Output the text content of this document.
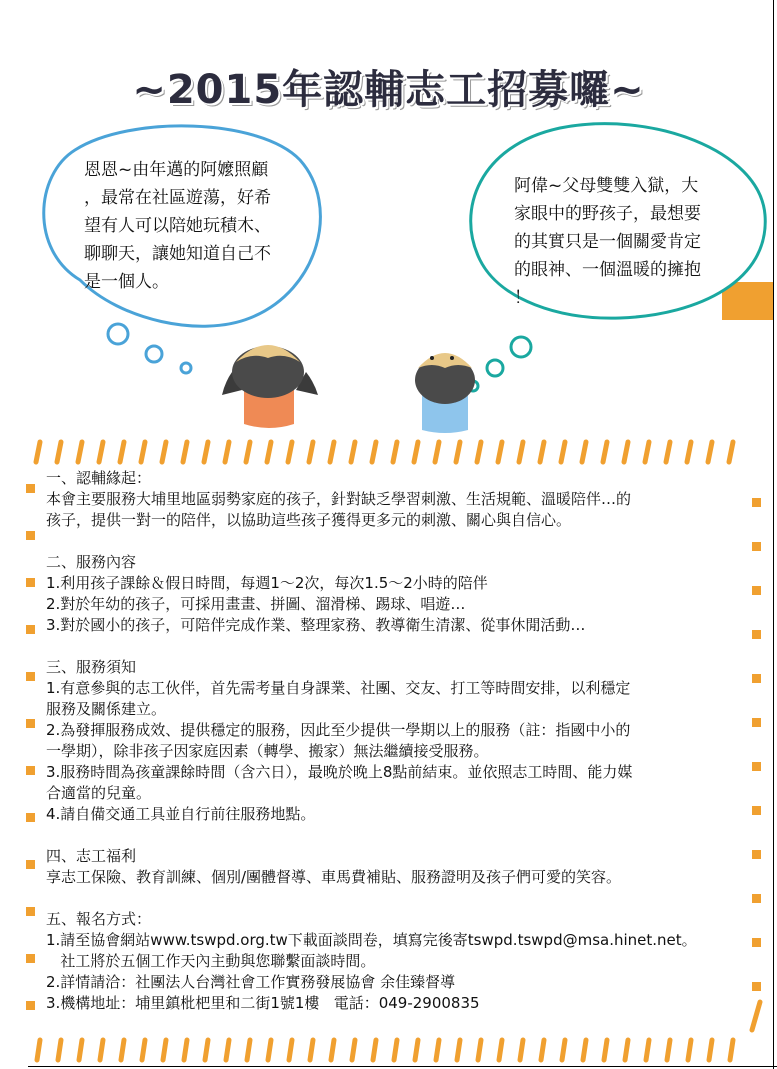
~2015年認輔志工招募囉~
恩恩~由年邁的阿嬤照顧
，最常在社區遊蕩，好希
望有人可以陪她玩積木、
聊聊天，讓她知道自己不
是一個人。
阿偉~父母雙雙入獄，大
家眼中的野孩子，最想要
的其實只是一個關愛肯定
的眼神、一個溫暖的擁抱
！
一、認輔緣起：
本會主要服務大埔里地區弱勢家庭的孩子，針對缺乏學習刺激、生活規範、溫暖陪伴…的
孩子，提供一對一的陪伴，以協助這些孩子獲得更多元的刺激、關心與自信心。
二、服務內容
1.利用孩子課餘＆假日時間，每週1～2次，每次1.5～2小時的陪伴
2.對於年幼的孩子，可採用畫畫、拼圖、溜滑梯、踢球、唱遊…
3.對於國小的孩子，可陪伴完成作業、整理家務、教導衛生清潔、從事休閒活動…
三、服務須知
1.有意參與的志工伙伴，首先需考量自身課業、社團、交友、打工等時間安排，以利穩定
服務及關係建立。
2.為發揮服務成效、提供穩定的服務，因此至少提供一學期以上的服務（註：指國中小的
一學期），除非孩子因家庭因素（轉學、搬家）無法繼續接受服務。
3.服務時間為孩童課餘時間（含六日），最晚於晚上8點前結束。並依照志工時間、能力媒
合適當的兒童。
4.請自備交通工具並自行前往服務地點。
四、志工福利
享志工保險、教育訓練、個別/團體督導、車馬費補貼、服務證明及孩子們可愛的笑容。
五、報名方式：
1.請至協會網站www.tswpd.org.tw下載面談問卷，填寫完後寄tswpd.tswpd@msa.hinet.net。
社工將於五個工作天內主動與您聯繫面談時間。
2.詳情請洽：社團法人台灣社會工作實務發展協會 余佳臻督導
3.機構地址：埔里鎮枇杷里和二街1號1樓   電話：049-2900835
